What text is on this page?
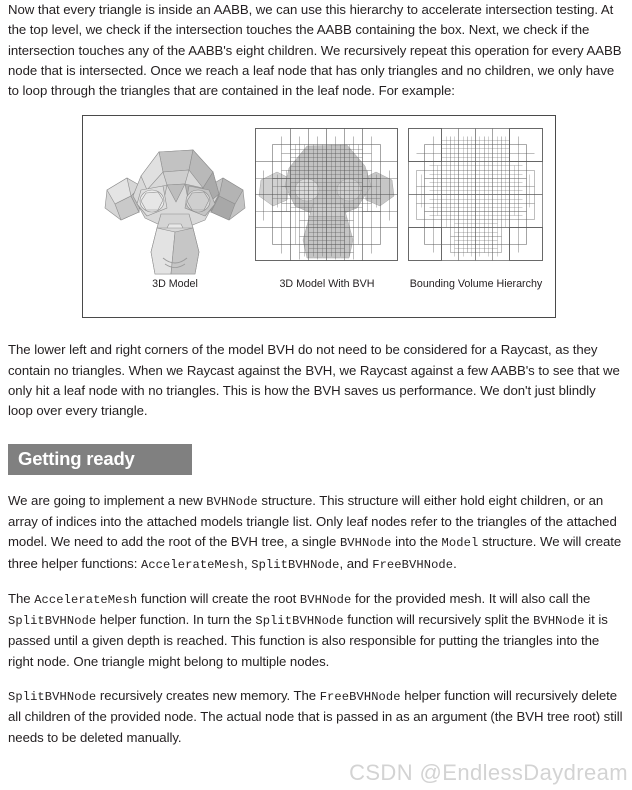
Now that every triangle is inside an AABB, we can use this hierarchy to accelerate intersection testing. At the top level, we check if the intersection touches the AABB containing the box. Next, we check if the intersection touches any of the AABB's eight children. We recursively repeat this operation for every AABB node that is intersected. Once we reach a leaf node that has only triangles and no children, we only have to loop through the triangles that are contained in the leaf node. For example:

3D Model	3D Model With BVH	Bounding Volume Hierarchy

The lower left and right corners of the model BVH do not need to be considered for a Raycast, as they contain no triangles. When we Raycast against the BVH, we Raycast against a few AABB's to see that we only hit a leaf node with no triangles. This is how the BVH saves us performance. We don't just blindly loop over every triangle.

Getting ready

We are going to implement a new BVHNode structure. This structure will either hold eight children, or an array of indices into the attached models triangle list. Only leaf nodes refer to the triangles of the attached model. We need to add the root of the BVH tree, a single BVHNode into the Model structure. We will create three helper functions: AccelerateMesh, SplitBVHNode, and FreeBVHNode.

The AccelerateMesh function will create the root BVHNode for the provided mesh. It will also call the SplitBVHNode helper function. In turn the SplitBVHNode function will recursively split the BVHNode it is passed until a given depth is reached. This function is also responsible for putting the triangles into the right node. One triangle might belong to multiple nodes.

SplitBVHNode recursively creates new memory. The FreeBVHNode helper function will recursively delete all children of the provided node. The actual node that is passed in as an argument (the BVH tree root) still needs to be deleted manually.

CSDN @EndlessDaydream
